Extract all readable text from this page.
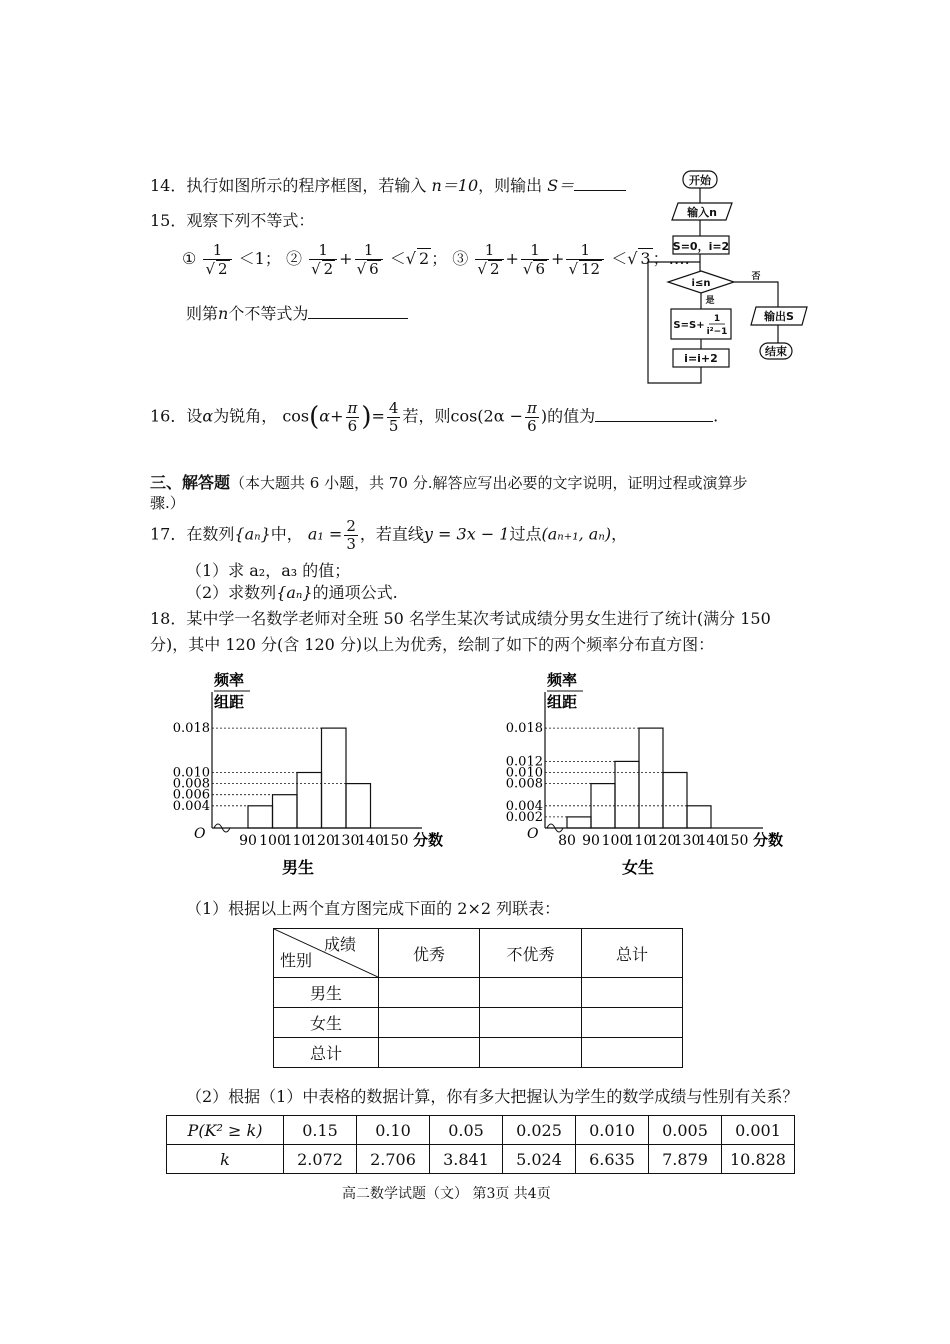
14．执行如图所示的程序框图，若输入 n＝10，则输出 S＝
15．观察下列不等式：
① $\frac{1}{√ 2} <1$； ② $\frac{1}{√ 2} + \frac{1}{√ 6}$ ＜√ 2 ； ③ $\frac{1}{√ 2} + \frac{1}{√ 6} + \frac{1}{√ 12}$ ＜√ 3 ；….
则第n个不等式为
开始
输入n
S=0，i=2
i≤n
是
否
S=S+
1
i²−1
i=i+2
输出S
结束
16．设α为锐角， $\cos(\alpha+ \frac{\pi}{6}$ )= $\frac{4}{5}$ 若，则$\cos(2\alpha - \frac{\pi}{6}$ )的值为	.
三、解答题（本大题共 6 小题，共 70 分.解答应写出必要的文字说明，证明过程或演算步
骤.）
17．在数列{aₙ}中， $a_1 = \frac{2}{3}$ ，若直线y = 3x − 1过点(aₙ₊₁, aₙ)，
（1）求 a₂，a₃ 的值；
（2）求数列{aₙ}的通项公式.
18．某中学一名数学老师对全班 50 名学生某次考试成绩分男女生进行了统计(满分 150
分)，其中 120 分(含 120 分)以上为优秀，绘制了如下的两个频率分布直方图：
频率
组距
O
0.018
0.010
0.008
0.006
0.004
90 100
110
120
130
140
150 分数
男生
频率
组距
O
0.018
0.012
0.010
0.008
0.004
0.002
80 90 100
110
120
130
140
150 分数
女生
（1）根据以上两个直方图完成下面的 2×2 列联表：
成绩
性别	优秀	不优秀	总计
男生			
女生			
总计			
（2）根据（1）中表格的数据计算，你有多大把握认为学生的数学成绩与性别有关系？
P(K² ≥ k)	0.15	0.10	0.05	0.025	0.010	0.005	0.001
k	2.072	2.706	3.841	5.024	6.635	7.879	10.828
高二数学试题（文） 第3页 共4页
